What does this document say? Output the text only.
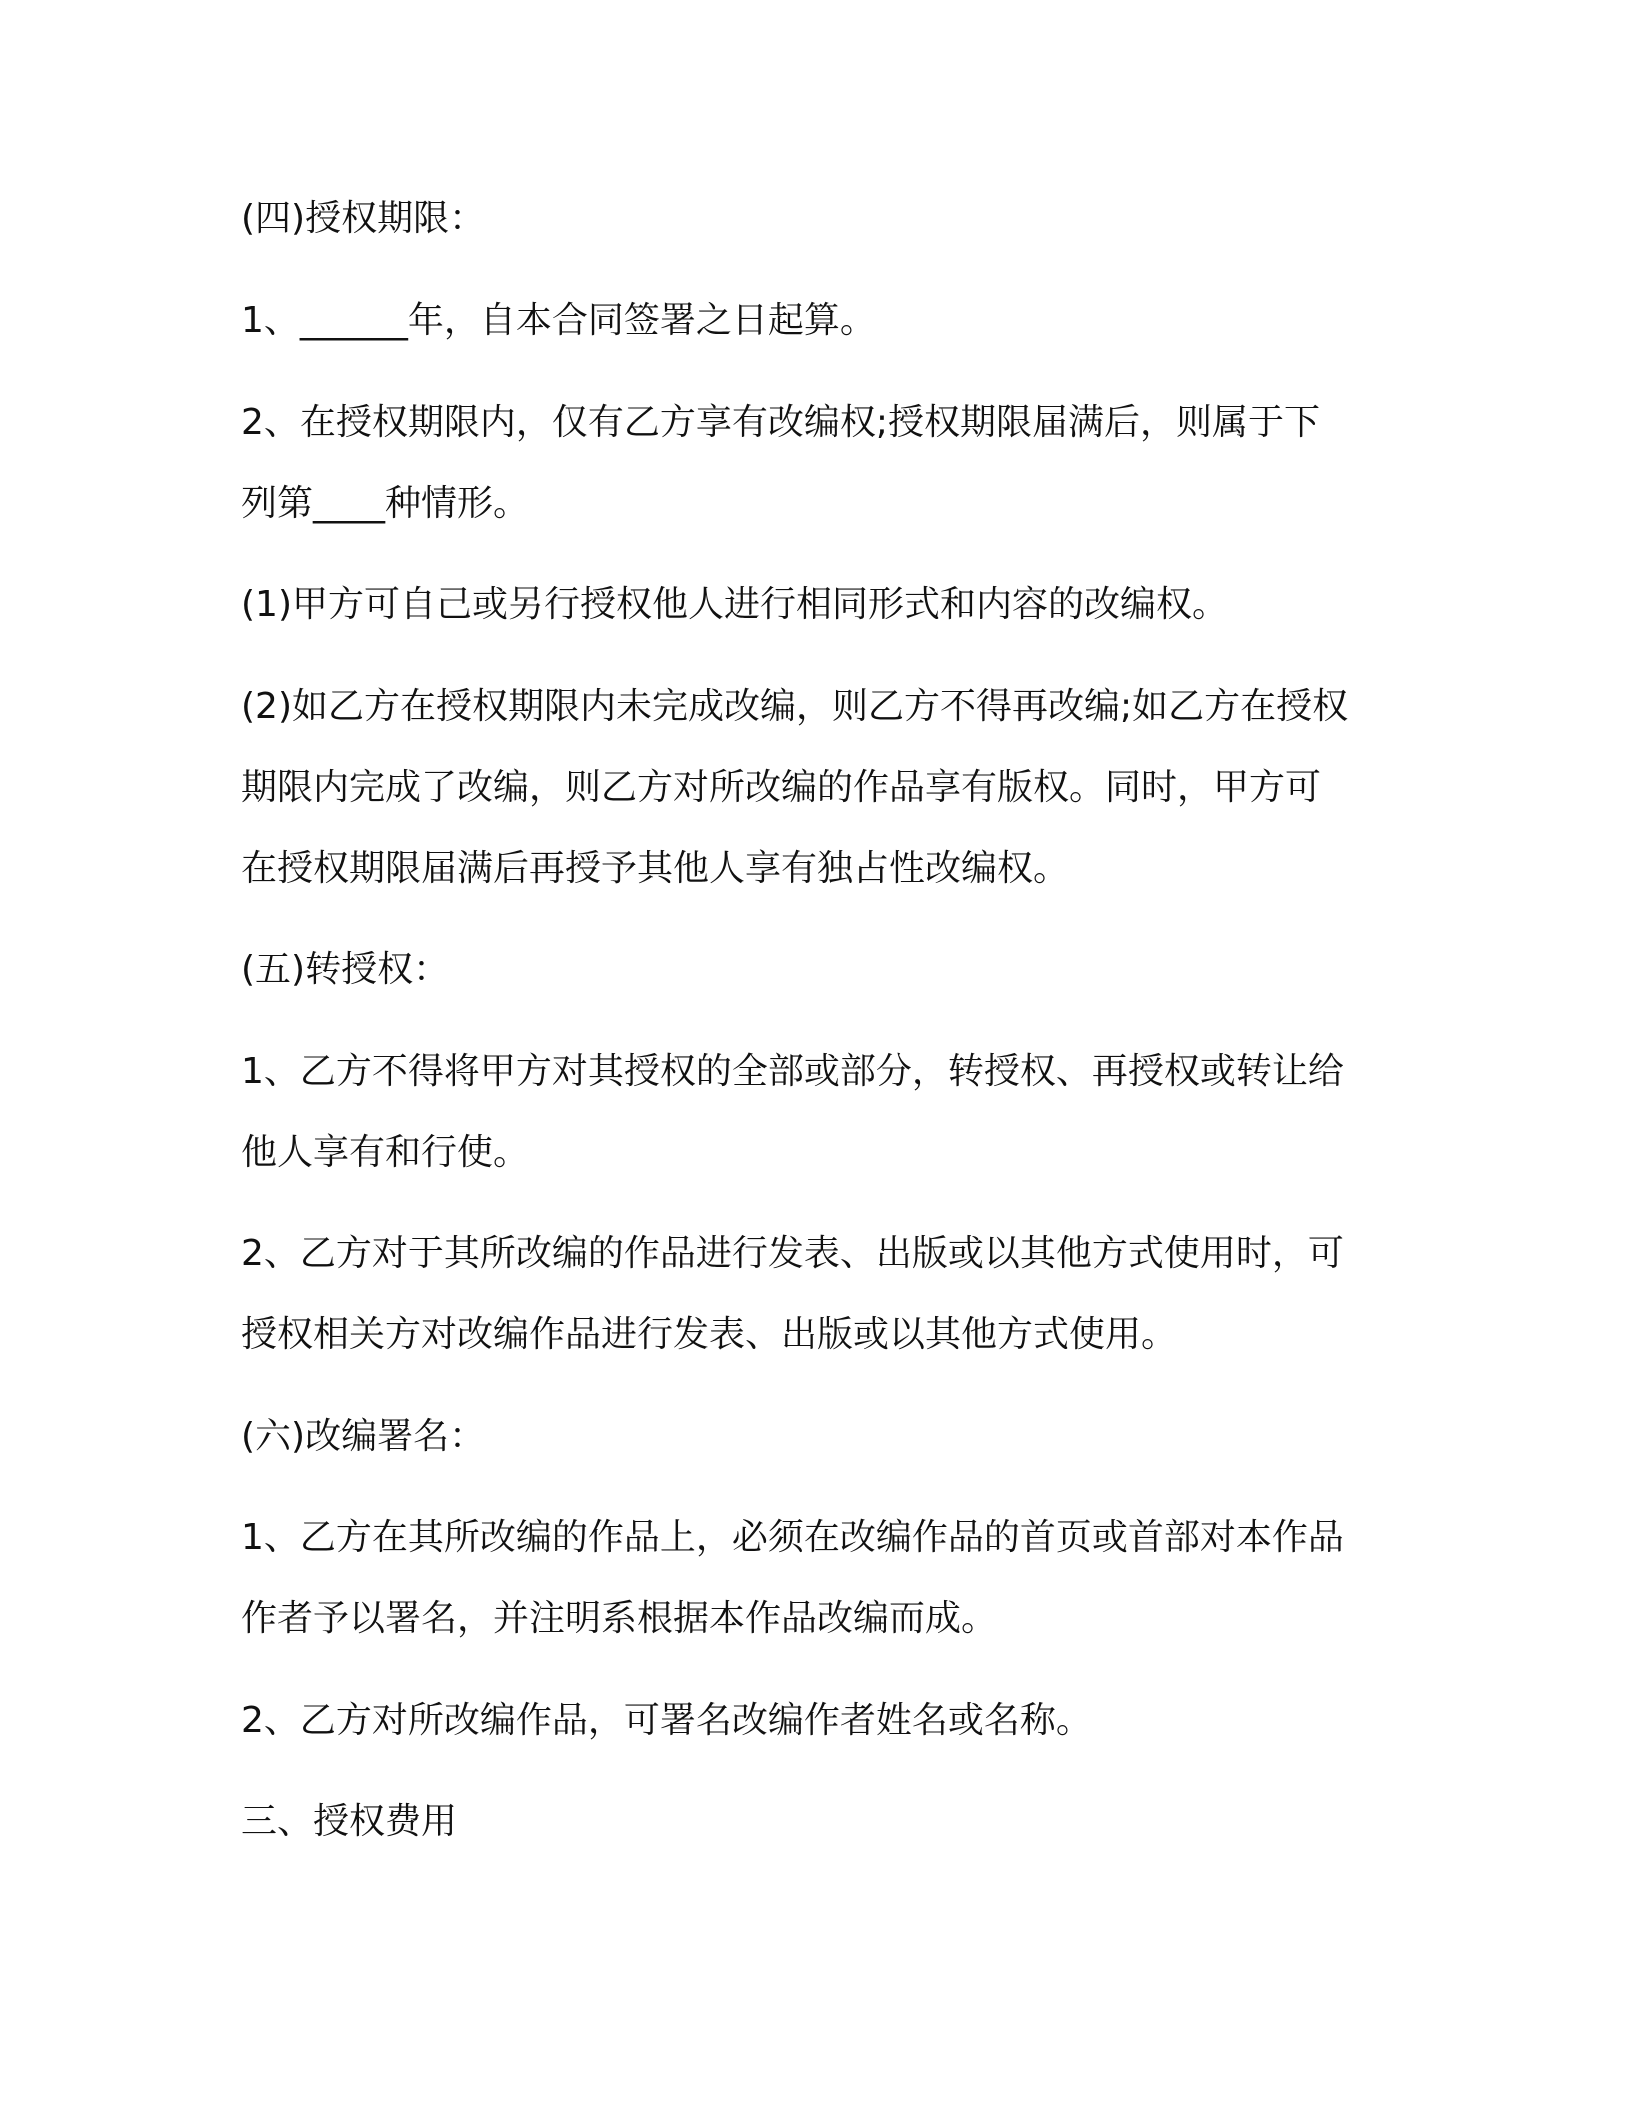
(四)授权期限：
1、______年，自本合同签署之日起算。
2、在授权期限内，仅有乙方享有改编权;授权期限届满后，则属于下
列第____种情形。
(1)甲方可自己或另行授权他人进行相同形式和内容的改编权。
(2)如乙方在授权期限内未完成改编，则乙方不得再改编;如乙方在授权
期限内完成了改编，则乙方对所改编的作品享有版权。同时，甲方可
在授权期限届满后再授予其他人享有独占性改编权。
(五)转授权：
1、乙方不得将甲方对其授权的全部或部分，转授权、再授权或转让给
他人享有和行使。
2、乙方对于其所改编的作品进行发表、出版或以其他方式使用时，可
授权相关方对改编作品进行发表、出版或以其他方式使用。
(六)改编署名：
1、乙方在其所改编的作品上，必须在改编作品的首页或首部对本作品
作者予以署名，并注明系根据本作品改编而成。
2、乙方对所改编作品，可署名改编作者姓名或名称。
三、授权费用
